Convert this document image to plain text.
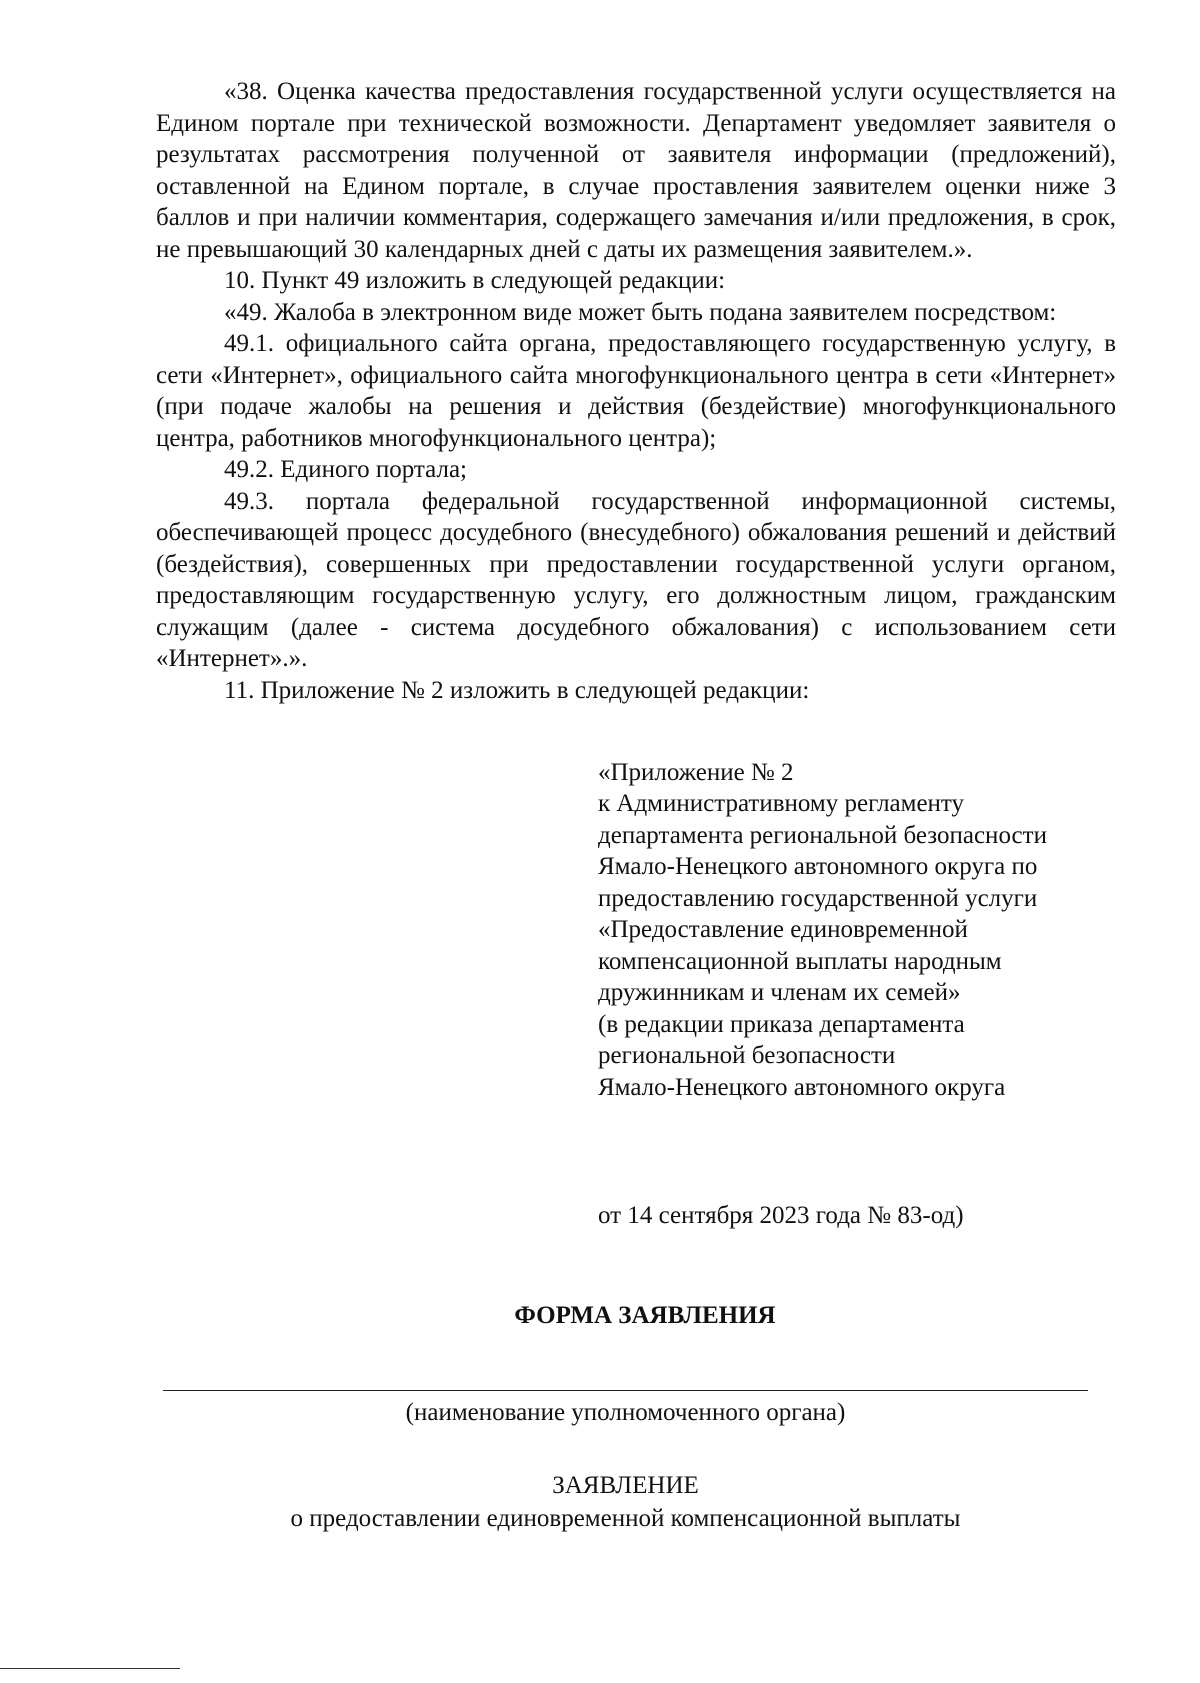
«38. Оценка качества предоставления государственной услуги осуществляется на Едином портале при технической возможности. Департамент уведомляет заявителя о результатах рассмотрения полученной от заявителя информации (предложений), оставленной на Едином портале, в случае проставления заявителем оценки ниже 3 баллов и при наличии комментария, содержащего замечания и/или предложения, в срок, не превышающий 30 календарных дней с даты их размещения заявителем.».

10. Пункт 49 изложить в следующей редакции:

«49. Жалоба в электронном виде может быть подана заявителем посредством:

49.1. официального сайта органа, предоставляющего государственную услугу, в сети «Интернет», официального сайта многофункционального центра в сети «Интернет» (при подаче жалобы на решения и действия (бездействие) многофункционального центра, работников многофункционального центра);

49.2. Единого портала;

49.3. портала федеральной государственной информационной системы, обеспечивающей процесс досудебного (внесудебного) обжалования решений и действий (бездействия), совершенных при предоставлении государственной услуги органом, предоставляющим государственную услугу, его должностным лицом, гражданским служащим (далее - система досудебного обжалования) с использованием сети «Интернет».».

11. Приложение № 2 изложить в следующей редакции:

«Приложение № 2

к Административному регламенту

департамента региональной безопасности

Ямало-Ненецкого автономного округа по

предоставлению государственной услуги

«Предоставление единовременной

компенсационной выплаты народным

дружинникам и членам их семей»

(в редакции приказа департамента

региональной безопасности

Ямало-Ненецкого автономного округа

от 14 сентября 2023 года № 83-од)
ФОРМА ЗАЯВЛЕНИЯ
(наименование уполномоченного органа)
ЗАЯВЛЕНИЕ
о предоставлении единовременной компенсационной выплаты
